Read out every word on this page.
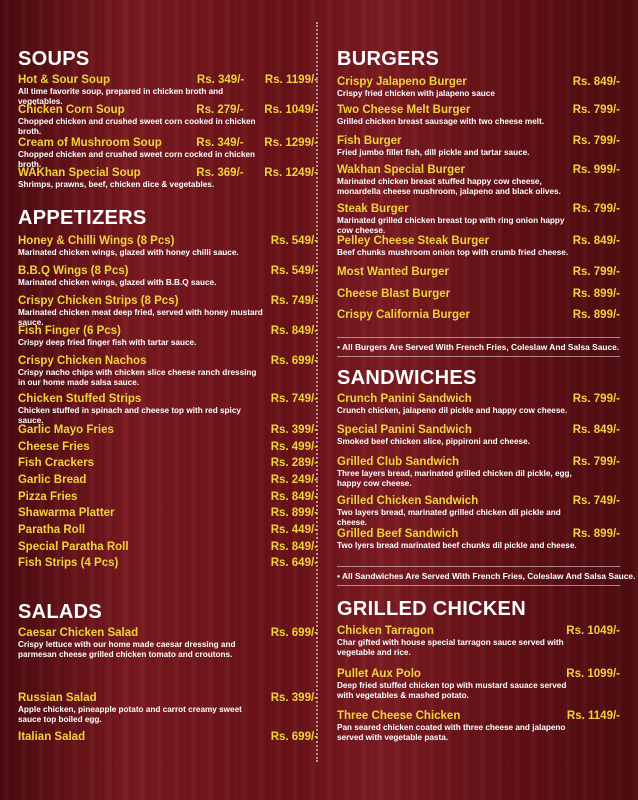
SOUPS
Hot & Sour Soup	Rs. 349/-	Rs. 1199/-
All time favorite soup, prepared in chicken broth and vegetables.
Chicken Corn Soup	Rs. 279/-	Rs. 1049/-
Chopped chicken and crushed sweet corn cooked in chicken broth.
Cream of Mushroom Soup	Rs. 349/-	Rs. 1299/-
Chopped chicken and crushed sweet corn cocked in chicken broth.
WAKhan Special Soup	Rs. 369/-	Rs. 1249/-
Shrimps, prawns, beef, chicken dice & vegetables.
APPETIZERS
Honey & Chilli Wings (8 Pcs)	Rs. 549/-
Marinated chicken wings, glazed with honey chilli sauce.
B.B.Q Wings (8 Pcs)	Rs. 549/-
Marinated chicken wings, glazed with B.B.Q sauce.
Crispy Chicken Strips (8 Pcs)	Rs. 749/-
Marinated chicken meat deep fried, served with honey mustard sauce.
Fish Finger (6 Pcs)	Rs. 849/-
Crispy deep fried finger fish with tartar sauce.
Crispy Chicken Nachos	Rs. 699/-
Crispy nacho chips with chicken slice cheese ranch dressing in our home made salsa sauce.
Chicken Stuffed Strips	Rs. 749/-
Chicken stuffed in spinach and cheese top with red spicy sauce.
Garlic Mayo Fries	Rs. 399/-
Cheese Fries	Rs. 499/-
Fish Crackers	Rs. 289/-
Garlic Bread	Rs. 249/-
Pizza Fries	Rs. 849/-
Shawarma Platter	Rs. 899/-
Paratha Roll	Rs. 449/-
Special Paratha Roll	Rs. 849/-
Fish Strips (4 Pcs)	Rs. 649/-
SALADS
Caesar Chicken Salad	Rs. 699/-
Crispy lettuce with our home made caesar dressing and parmesan cheese grilled chicken tomato and croutons.
Russian Salad	Rs. 399/-
Apple chicken, pineapple potato and carrot creamy sweet sauce top boiled egg.
Italian Salad	Rs. 699/-
BURGERS
Crispy Jalapeno Burger	Rs. 849/-
Crispy fried chicken with jalapeno sauce
Two Cheese Melt Burger	Rs. 799/-
Grilled chicken breast sausage with two cheese melt.
Fish Burger	Rs. 799/-
Fried jumbo fillet fish, dill pickle and tartar sauce.
Wakhan Special Burger	Rs. 999/-
Marinated chicken breast stuffed happy cow cheese, monardella cheese mushroom, jalapeno and black olives.
Steak Burger	Rs. 799/-
Marinated grilled chicken breast top with ring onion happy cow cheese.
Pelley Cheese Steak Burger	Rs. 849/-
Beef chunks mushroom onion top with crumb fried cheese.
Most Wanted Burger	Rs. 799/-
Cheese Blast Burger	Rs. 899/-
Crispy California Burger	Rs. 899/-
• All Burgers Are Served With French Fries, Coleslaw And Salsa Sauce.
SANDWICHES
Crunch Panini Sandwich	Rs. 799/-
Crunch chicken, jalapeno dil pickle and happy cow cheese.
Special Panini Sandwich	Rs. 849/-
Smoked beef chicken slice, pippironi and cheese.
Grilled Club Sandwich	Rs. 799/-
Three layers bread, marinated grilled chicken dil pickle, egg, happy cow cheese.
Grilled Chicken Sandwich	Rs. 749/-
Two layers bread, marinated grilled chicken dil pickle and cheese.
Grilled Beef Sandwich	Rs. 899/-
Two lyers bread marinated beef chunks dil pickle and cheese.
• All Sandwiches Are Served With French Fries, Coleslaw And Salsa Sauce.
GRILLED CHICKEN
Chicken Tarragon	Rs. 1049/-
Char gifted with house special tarragon sauce served with vegetable and rice.
Pullet Aux Polo	Rs. 1099/-
Deep fried stuffed chicken top with mustard sauace served with vegetables & mashed potato.
Three Cheese Chicken	Rs. 1149/-
Pan seared chicken coated with three cheese and jalapeno served with vegetable pasta.
